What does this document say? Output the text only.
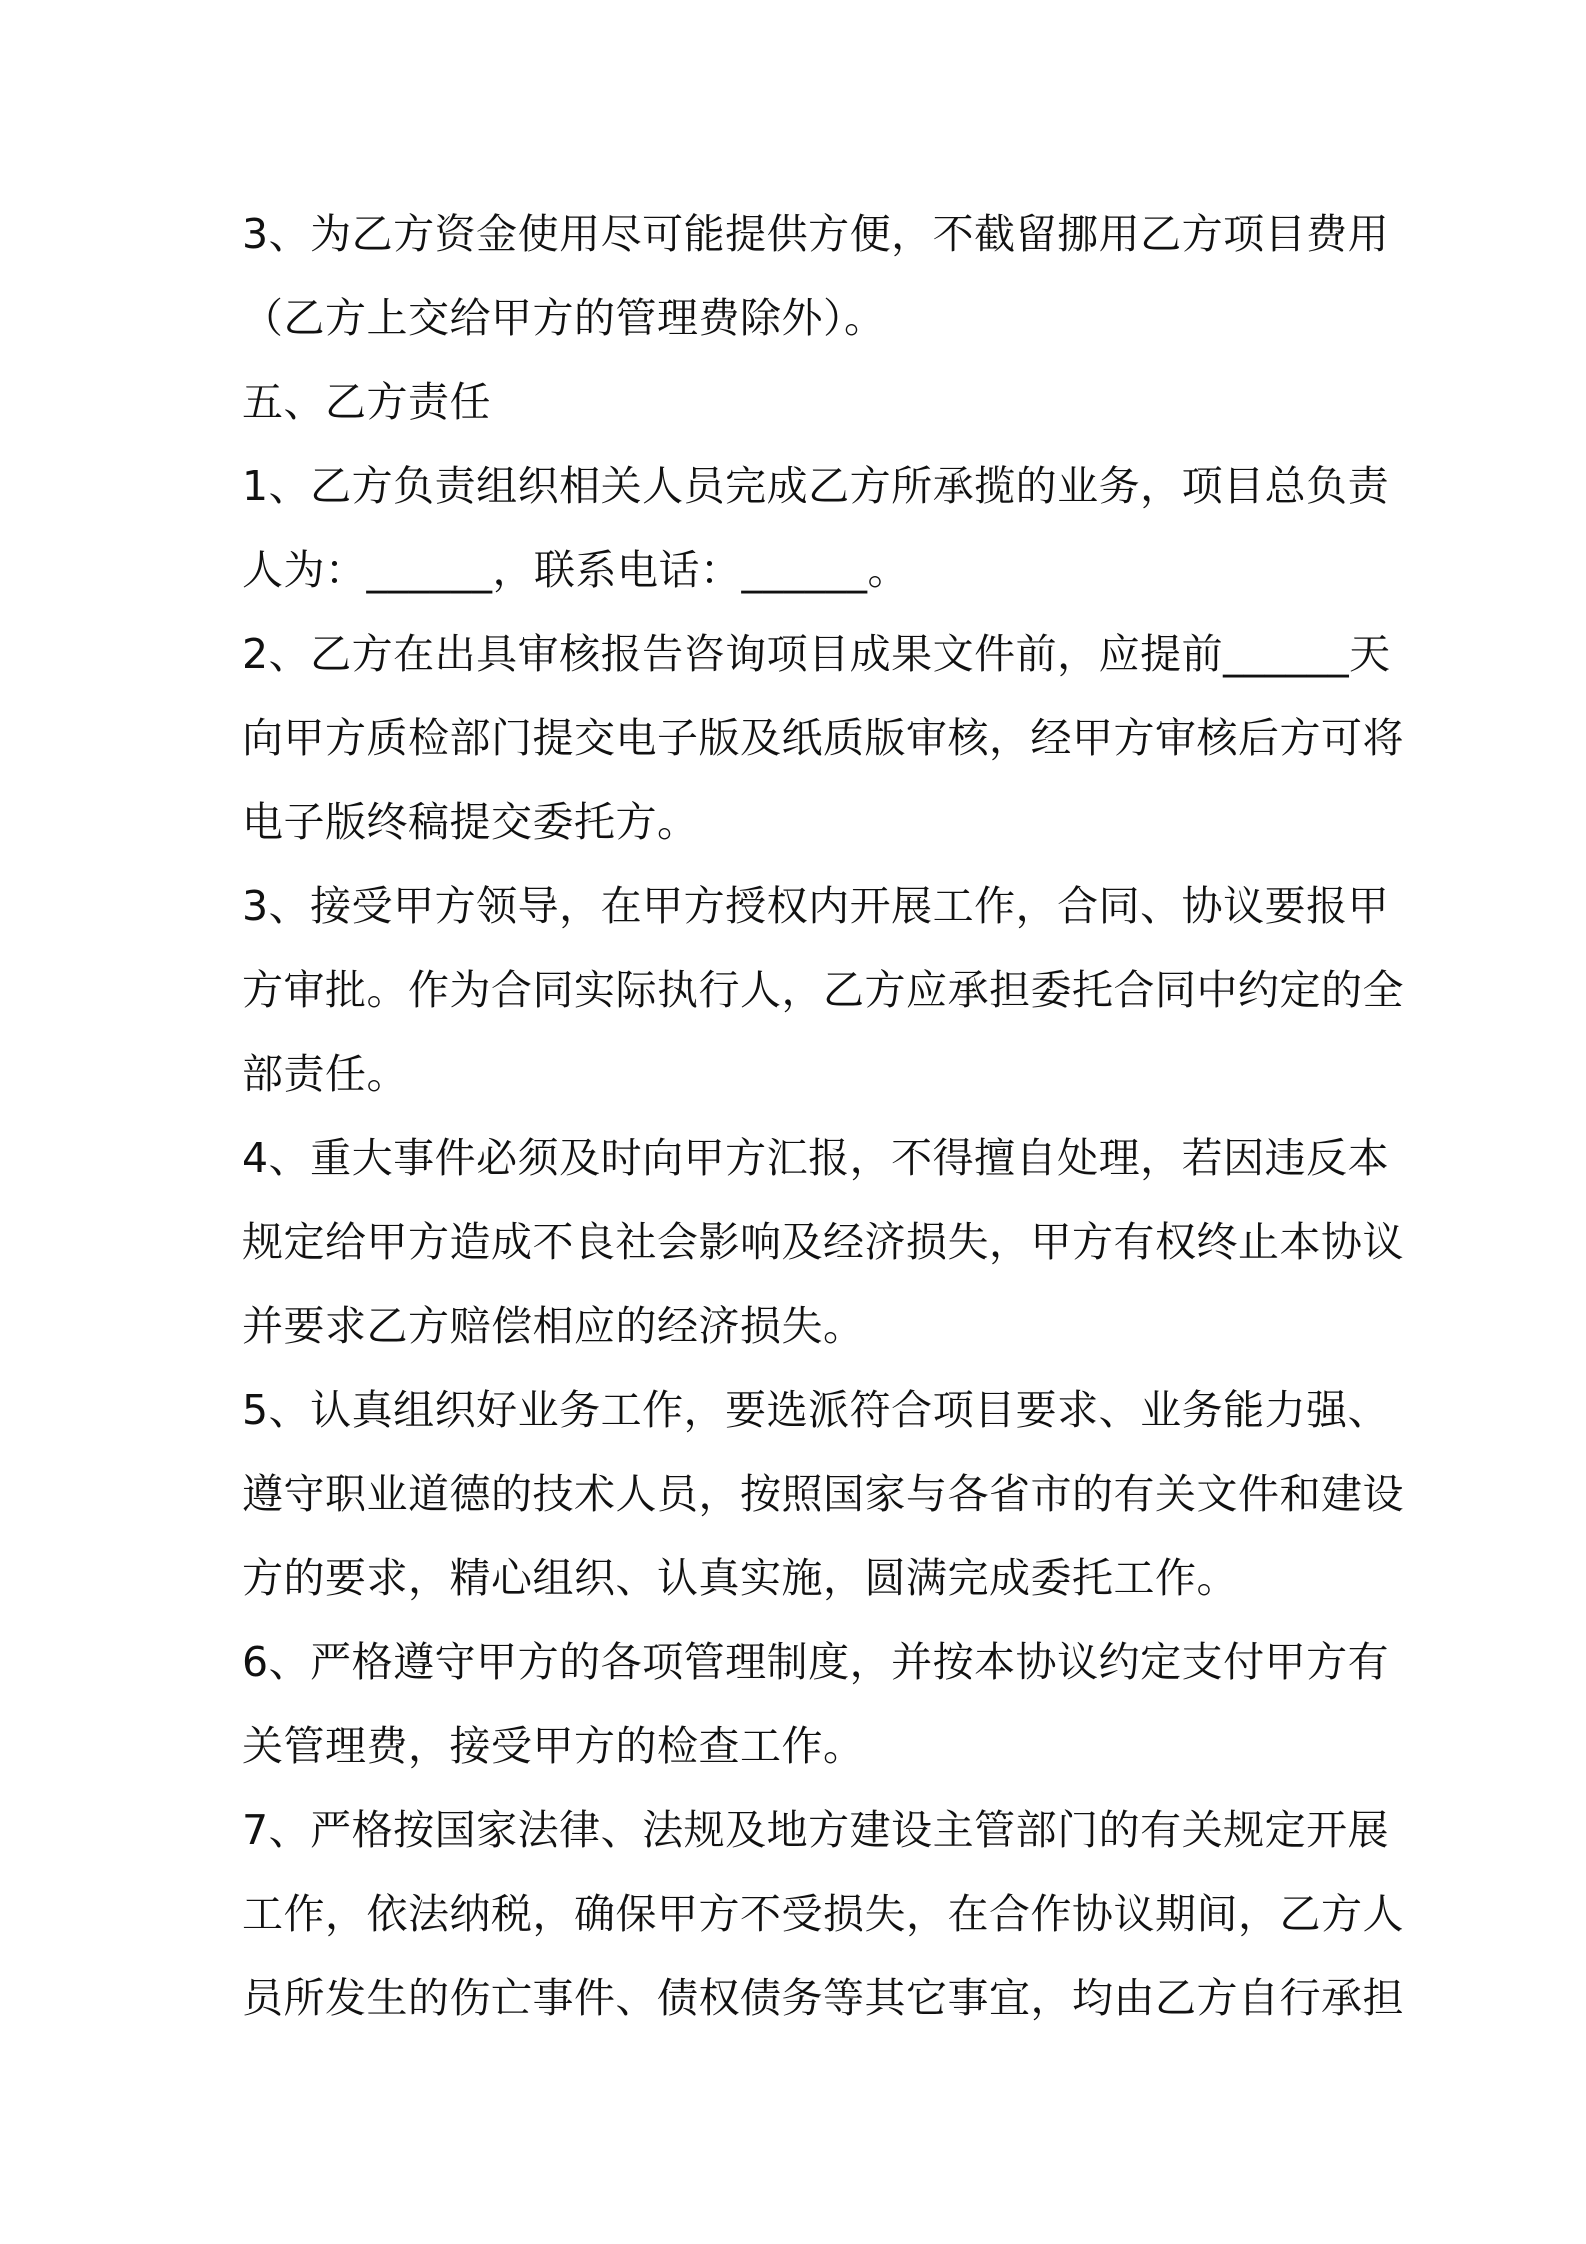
3、为乙方资金使用尽可能提供方便，不截留挪用乙方项目费用
（乙方上交给甲方的管理费除外）。
五、乙方责任
1、乙方负责组织相关人员完成乙方所承揽的业务，项目总负责
人为：______，联系电话：______。
2、乙方在出具审核报告咨询项目成果文件前，应提前______天
向甲方质检部门提交电子版及纸质版审核，经甲方审核后方可将
电子版终稿提交委托方。
3、接受甲方领导，在甲方授权内开展工作，合同、协议要报甲
方审批。作为合同实际执行人，乙方应承担委托合同中约定的全
部责任。
4、重大事件必须及时向甲方汇报，不得擅自处理，若因违反本
规定给甲方造成不良社会影响及经济损失，甲方有权终止本协议
并要求乙方赔偿相应的经济损失。
5、认真组织好业务工作，要选派符合项目要求、业务能力强、
遵守职业道德的技术人员，按照国家与各省市的有关文件和建设
方的要求，精心组织、认真实施，圆满完成委托工作。
6、严格遵守甲方的各项管理制度，并按本协议约定支付甲方有
关管理费，接受甲方的检查工作。
7、严格按国家法律、法规及地方建设主管部门的有关规定开展
工作，依法纳税，确保甲方不受损失，在合作协议期间，乙方人
员所发生的伤亡事件、债权债务等其它事宜，均由乙方自行承担
